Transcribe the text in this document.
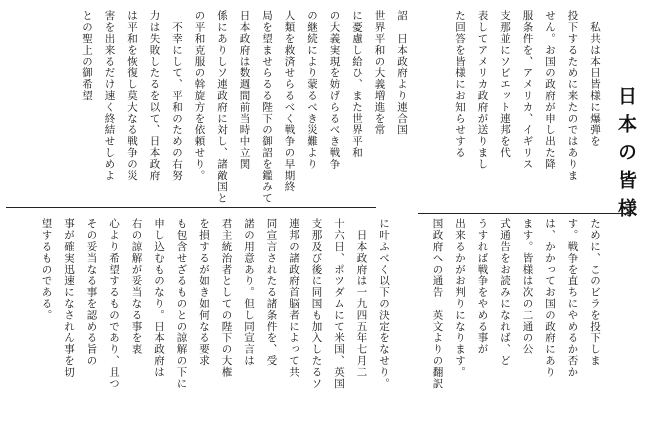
日本の皆様
　私共は本日皆様に爆弾を
投下するために来たのではありま
せん。お国の政府が申し出た降
服条件を、アメリカ、イギリス
支那並にソビエット連邦を代
表してアメリカ政府が送りまし
た回答を皆様にお知らせする
詔　日本政府より連合国
世界平和の大義増進を常
に憂慮し給ひ、また世界平和
の大義実現を妨げらるべき戦争
の継続により蒙るべき災難より
人類を救済せらるべく戦争の早期終
局を望ませらるる陛下の御詔を鑑みて
日本政府は数週間前当時中立関
係にありしソ連政府に対し、諸敵国と
の平和克服の斡旋方を依頼せり。
　不幸にして、平和のための右努
力は失敗したるを以て、日本政府
は平和を恢復し莫大なる戦争の災
害を出来るだけ速く終結せしめよ
との聖上の御希望
ために、このビラを投下しま
す。戦争を直ちにやめるか否か
は、かかってお国の政府にあり
ます。皆様は次の二通の公
式通告をお読みになれば、ど
うすれば戦争をやめる事が
出来るかがお判りになります。
国政府への通告　英文よりの翻訳
に叶ふべく以下の決定をなせり。
　日本政府は一九四五年七月二
十六日、ポツダムにて米国、英国
支那及び後に同国も加入したるソ
連邦の諸政府首脳者によって共
同宣言されたる諸条件を、受
諾の用意あり。但し同宣言は
君主統治者としての陛下の大権
を損するが如き如何なる要求
も包含せざるものとの諒解の下に
申し込むものなり。日本政府は
右の諒解が妥当なる事を衷
心より希望するものであり、且つ
その妥当なる事を認める旨の
事が確実迅速になされん事を切
望するものである。
